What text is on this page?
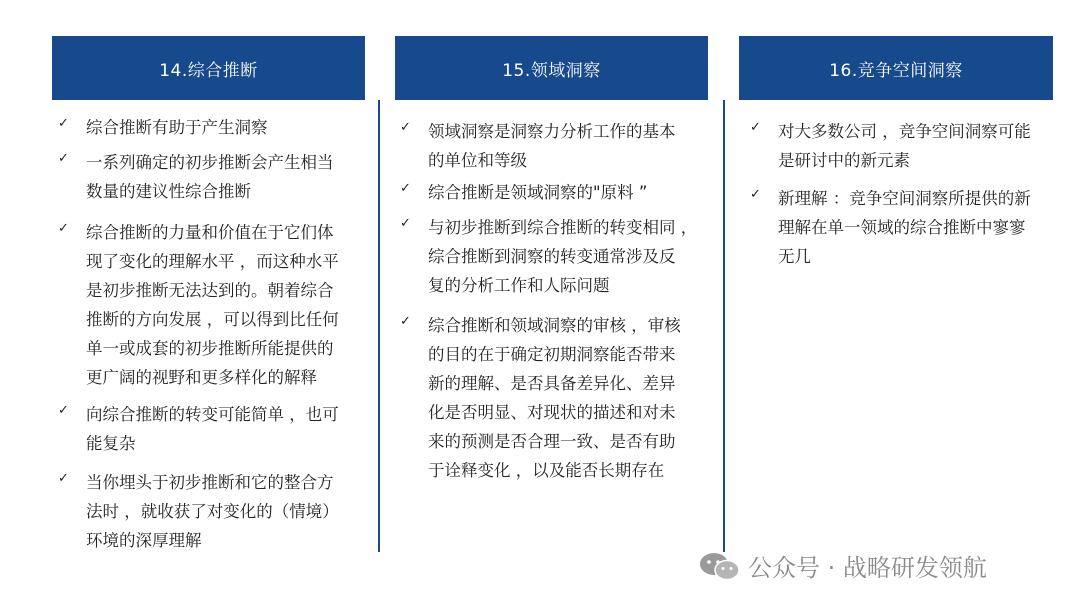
14.综合推断	15.领域洞察	16.竞争空间洞察
✓ 综合推断有助于产生洞察
✓ 一系列确定的初步推断会产生相当
数量的建议性综合推断
✓ 综合推断的力量和价值在于它们体
现了变化的理解水平 ，而这种水平
是初步推断无法达到的。朝着综合
推断的方向发展 ，可以得到比任何
单一或成套的初步推断所能提供的
更广阔的视野和更多样化的解释
✓ 向综合推断的转变可能简单 ，也可
能复杂
✓ 当你埋头于初步推断和它的整合方
法时 ，就收获了对变化的（情境）
环境的深厚理解
✓ 领域洞察是洞察力分析工作的基本
的单位和等级
✓ 综合推断是领域洞察的"原料 ”
✓ 与初步推断到综合推断的转变相同 ，
综合推断到洞察的转变通常涉及反
复的分析工作和人际问题
✓ 综合推断和领域洞察的审核 ，审核
的目的在于确定初期洞察能否带来
新的理解、是否具备差异化、差异
化是否明显、对现状的描述和对未
来的预测是否合理一致、是否有助
于诠释变化 ，以及能否长期存在
✓ 对大多数公司 ，竞争空间洞察可能
是研讨中的新元素
✓ 新理解 ：竞争空间洞察所提供的新
理解在单一领域的综合推断中寥寥
无几
公众号 · 战略研发领航
